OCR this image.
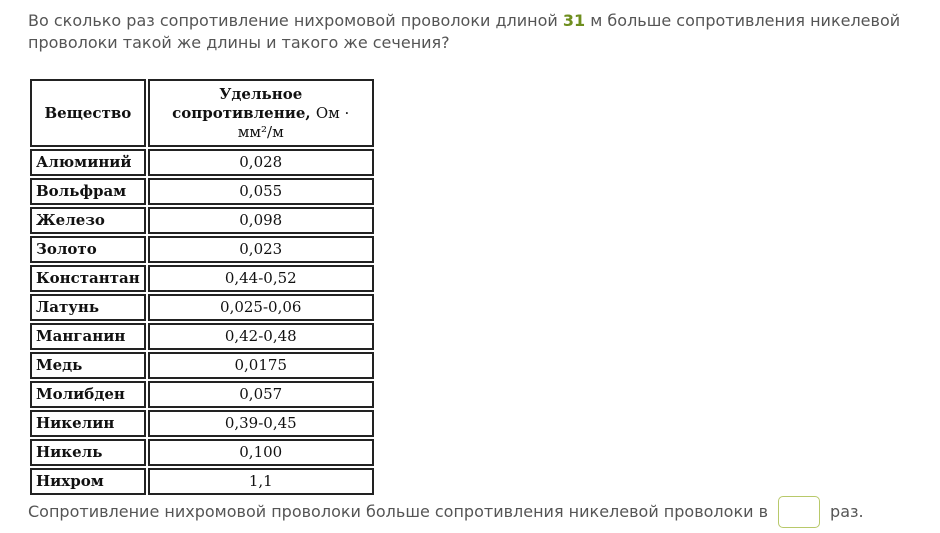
Во сколько раз сопротивление нихромовой проволоки длиной 31 м больше сопротивления никелевой проволоки такой же длины и такого же сечения?
Вещество	Удельное
сопротивление, Ом ·
мм²/м
Алюминий	0,028
Вольфрам	0,055
Железо	0,098
Золото	0,023
Константан	0,44-0,52
Латунь	0,025-0,06
Манганин	0,42-0,48
Медь	0,0175
Молибден	0,057
Никелин	0,39-0,45
Никель	0,100
Нихром	1,1
Сопротивление нихромовой проволоки больше сопротивления никелевой проволоки в	раз.
